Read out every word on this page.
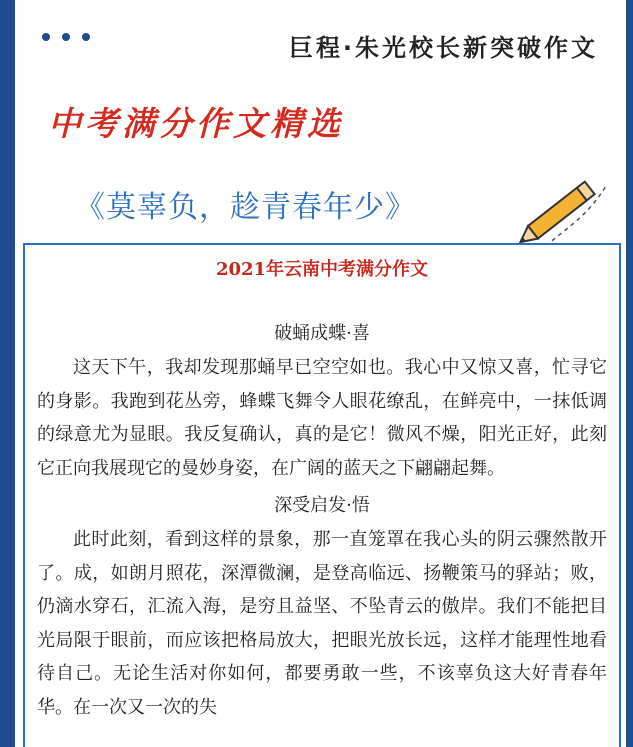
巨程·朱光校长新突破作文
中考满分作文精选
《莫辜负，趁青春年少》
2021年云南中考满分作文

破蛹成蝶·喜

这天下午，我却发现那蛹早已空空如也。我心中又惊又喜，忙寻它的身影。我跑到花丛旁，蜂蝶飞舞令人眼花缭乱，在鲜亮中，一抹低调的绿意尤为显眼。我反复确认，真的是它！微风不燥，阳光正好，此刻它正向我展现它的曼妙身姿，在广阔的蓝天之下翩翩起舞。

深受启发·悟

此时此刻，看到这样的景象，那一直笼罩在我心头的阴云骤然散开了。成，如朗月照花，深潭微澜，是登高临远、扬鞭策马的驿站；败，仍滴水穿石，汇流入海，是穷且益坚、不坠青云的傲岸。我们不能把目光局限于眼前，而应该把格局放大，把眼光放长远，这样才能理性地看待自己。无论生活对你如何，都要勇敢一些，不该辜负这大好青春年华。在一次又一次的失
